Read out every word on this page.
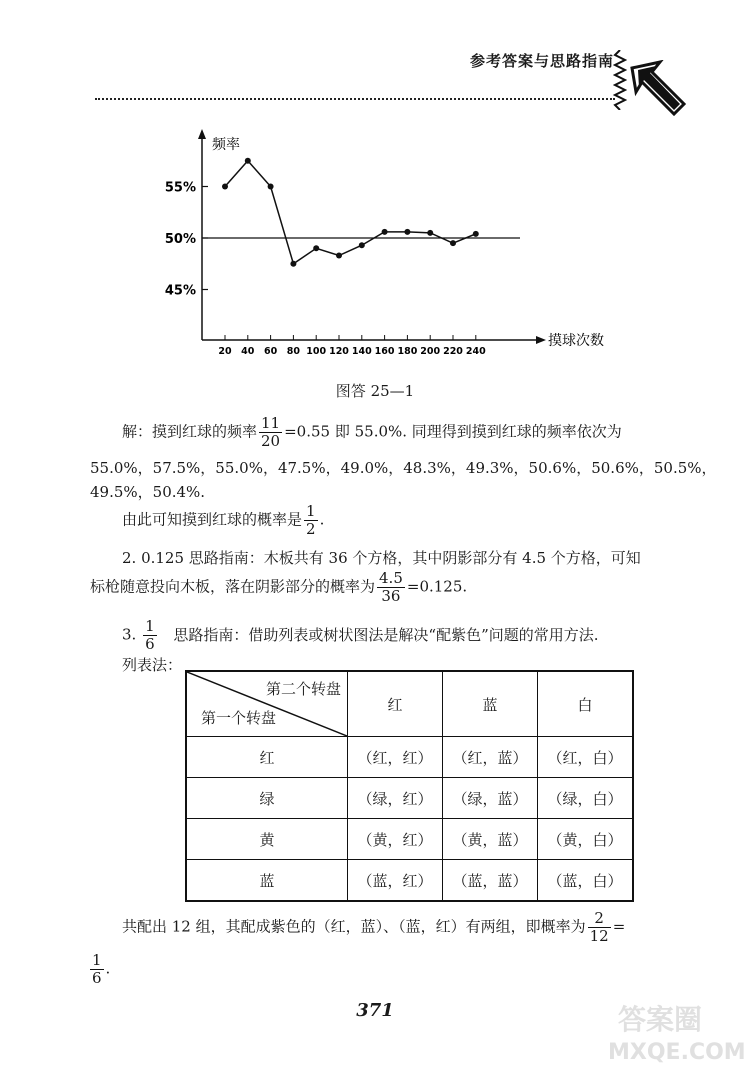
参考答案与思路指南
频率
摸球次数
55%
50%
45%
20 40 60 80 100 120 140 160 180 200 220 240
图答 25—1
解：摸到红球的频率 $\frac{11}{20} =0.55$ 即 55.0%. 同理得到摸到红球的频率依次为
55.0%，57.5%，55.0%，47.5%，49.0%，48.3%，49.3%，50.6%，50.6%，50.5%，
49.5%，50.4%.
由此可知摸到红球的概率是 $\frac{1}{2}$ .
2. 0.125 思路指南：木板共有 36 个方格，其中阴影部分有 4.5 个方格，可知
标枪随意投向木板，落在阴影部分的概率为 $\frac{4.5}{36} =0.125$.
3. $\frac{1}{6}$ 思路指南：借助列表或树状图法是解决“配紫色”问题的常用方法.
列表法：
第二个转盘
第一个转盘	红	蓝	白
红	（红，红）	（红，蓝）	（红，白）
绿	（绿，红）	（绿，蓝）	（绿，白）
黄	（黄，红）	（黄，蓝）	（黄，白）
蓝	（蓝，红）	（蓝，蓝）	（蓝，白）
共配出 12 组，其配成紫色的（红，蓝）、（蓝，红）有两组，即概率为 $\frac{2}{12}$ =
$\frac{1}{6}$ .
371	答案圈
MXQE.COM
